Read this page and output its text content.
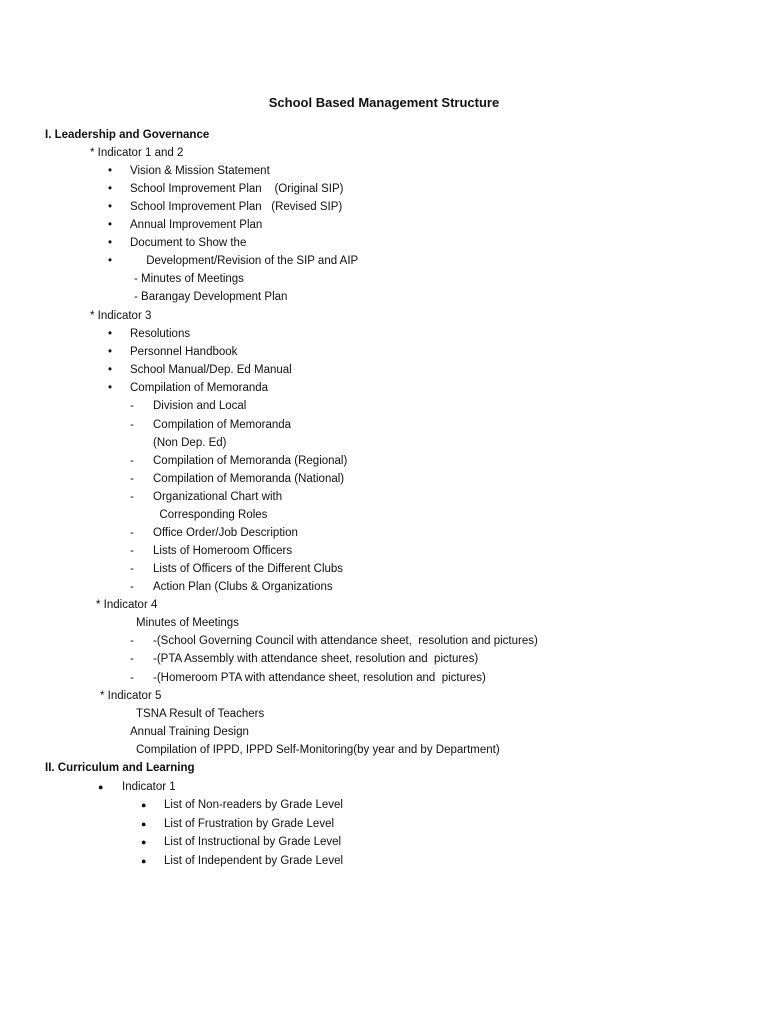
School Based Management Structure
I. Leadership and Governance
* Indicator 1 and 2
• Vision & Mission Statement
• School Improvement Plan    (Original SIP)
• School Improvement Plan   (Revised SIP)
• Annual Improvement Plan
• Document to Show the
•	Development/Revision of the SIP and AIP
- Minutes of Meetings
- Barangay Development Plan
* Indicator 3
• Resolutions
• Personnel Handbook
• School Manual/Dep. Ed Manual
• Compilation of Memoranda
- Division and Local
- Compilation of Memoranda
(Non Dep. Ed)
- Compilation of Memoranda (Regional)
- Compilation of Memoranda (National)
- Organizational Chart with
Corresponding Roles
- Office Order/Job Description
- Lists of Homeroom Officers
- Lists of Officers of the Different Clubs
- Action Plan (Clubs & Organizations
* Indicator 4
Minutes of Meetings
- -(School Governing Council with attendance sheet,  resolution and pictures)
- -(PTA Assembly with attendance sheet, resolution and  pictures)
- -(Homeroom PTA with attendance sheet, resolution and  pictures)
* Indicator 5
TSNA Result of Teachers
Annual Training Design
Compilation of IPPD, IPPD Self-Monitoring(by year and by Department)
II. Curriculum and Learning
● Indicator 1
● List of Non-readers by Grade Level
● List of Frustration by Grade Level
● List of Instructional by Grade Level
● List of Independent by Grade Level
